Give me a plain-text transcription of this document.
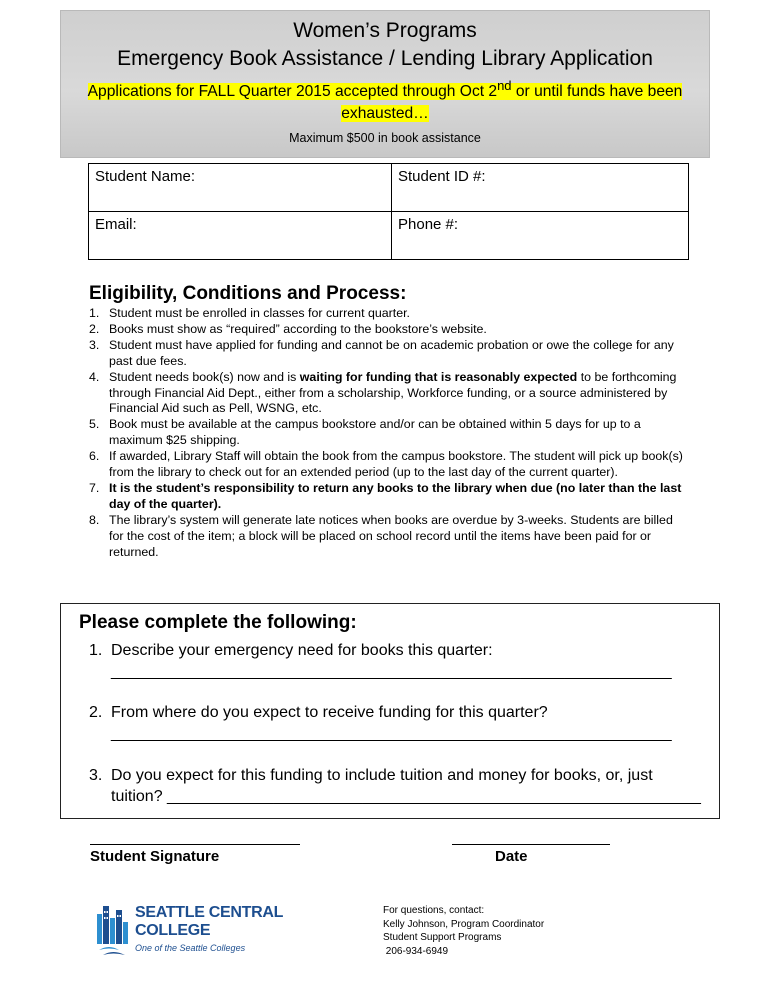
Women’s Programs
Emergency Book Assistance / Lending Library Application
Applications for FALL Quarter 2015 accepted through Oct 2nd or until funds have been
exhausted…
Maximum $500 in book assistance
Student Name:	Student ID #:
Email:	Phone #:
Eligibility, Conditions and Process:
1. Student must be enrolled in classes for current quarter.
2. Books must show as “required” according to the bookstore’s website.
3. Student must have applied for funding and cannot be on academic probation or owe the college for any past due fees.
4. Student needs book(s) now and is waiting for funding that is reasonably expected to be forthcoming through Financial Aid Dept., either from a scholarship, Workforce funding, or a source administered by Financial Aid such as Pell, WSNG, etc.
5. Book must be available at the campus bookstore and/or can be obtained within 5 days for up to a maximum $25 shipping.
6. If awarded, Library Staff will obtain the book from the campus bookstore. The student will pick up book(s) from the library to check out for an extended period (up to the last day of the current quarter).
7. It is the student’s responsibility to return any books to the library when due (no later than the last day of the quarter).
8. The library’s system will generate late notices when books are overdue by 3-weeks. Students are billed for the cost of the item; a block will be placed on school record until the items have been paid for or returned.
Please complete the following:
1. Describe your emergency need for books this quarter:
_______________________________________________________________
2. From where do you expect to receive funding for this quarter?
_______________________________________________________________
3. Do you expect for this funding to include tuition and money for books, or, just
tuition? ____________________________________________________________
Student Signature	Date
SEATTLE CENTRAL
COLLEGE
One of the Seattle Colleges
For questions, contact:
Kelly Johnson, Program Coordinator
Student Support Programs
206-934-6949
